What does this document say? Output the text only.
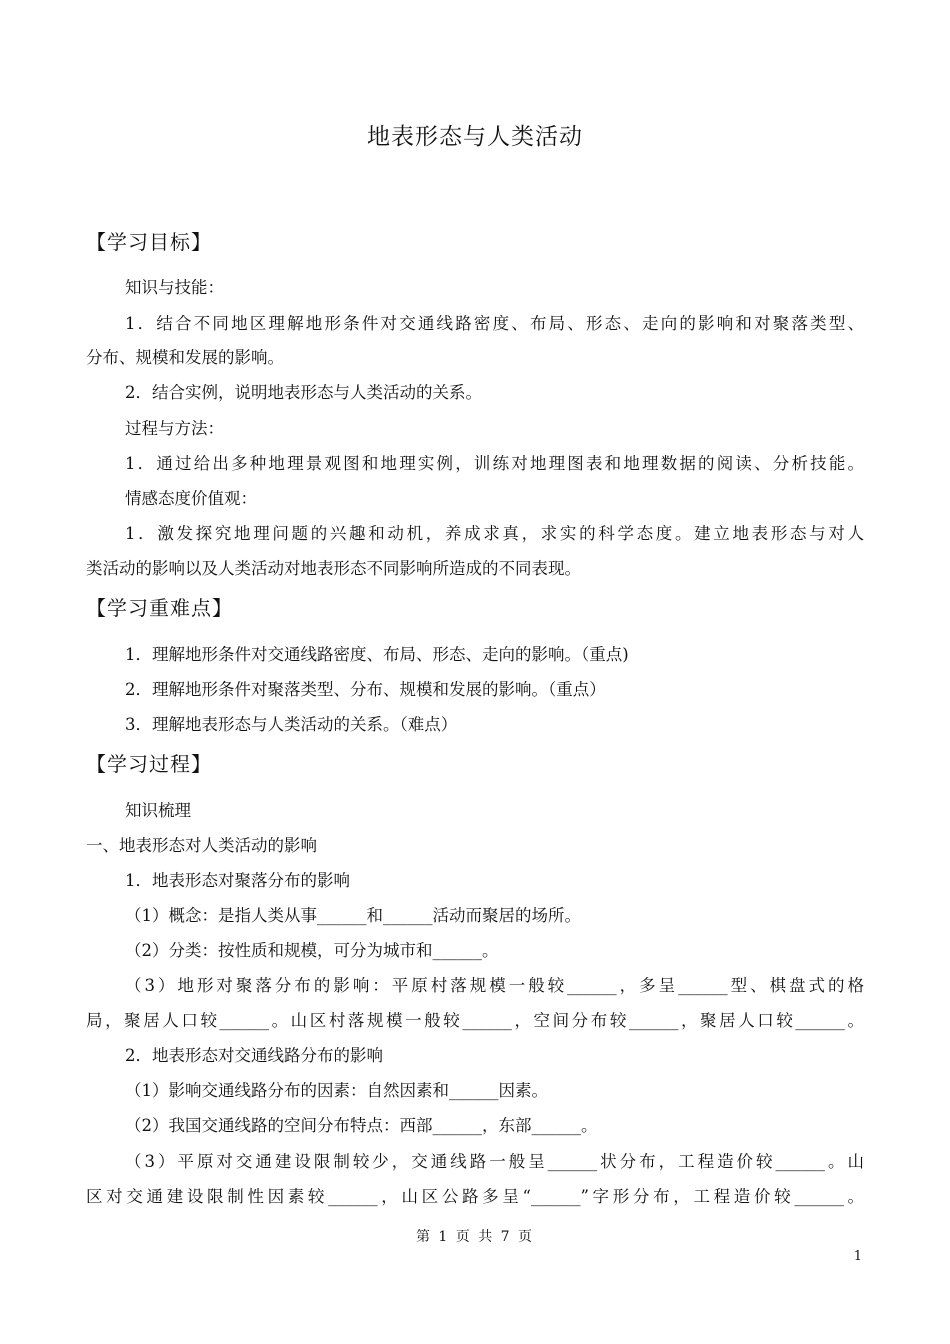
地表形态与人类活动
【学习目标】
知识与技能：
1．结合不同地区理解地形条件对交通线路密度、布局、形态、走向的影响和对聚落类型、
分布、规模和发展的影响。
2．结合实例，说明地表形态与人类活动的关系。
过程与方法：
1．通过给出多种地理景观图和地理实例，训练对地理图表和地理数据的阅读、分析技能。
情感态度价值观：
1．激发探究地理问题的兴趣和动机，养成求真，求实的科学态度。建立地表形态与对人
类活动的影响以及人类活动对地表形态不同影响所造成的不同表现。
【学习重难点】
1．理解地形条件对交通线路密度、布局、形态、走向的影响。（重点)
2．理解地形条件对聚落类型、分布、规模和发展的影响。（重点）
3．理解地表形态与人类活动的关系。（难点）
【学习过程】
知识梳理
一、地表形态对人类活动的影响
1．地表形态对聚落分布的影响
（1）概念：是指人类从事______和______活动而聚居的场所。
（2）分类：按性质和规模，可分为城市和______。
（3）地形对聚落分布的影响：平原村落规模一般较______，多呈______型、棋盘式的格
局，聚居人口较______。山区村落规模一般较______，空间分布较______，聚居人口较______。
2．地表形态对交通线路分布的影响
（1）影响交通线路分布的因素：自然因素和______因素。
（2）我国交通线路的空间分布特点：西部______，东部______。
（3）平原对交通建设限制较少，交通线路一般呈______状分布，工程造价较______。山
区对交通建设限制性因素较______，山区公路多呈“______”字形分布，工程造价较______。
第 1 页 共 7 页
1
